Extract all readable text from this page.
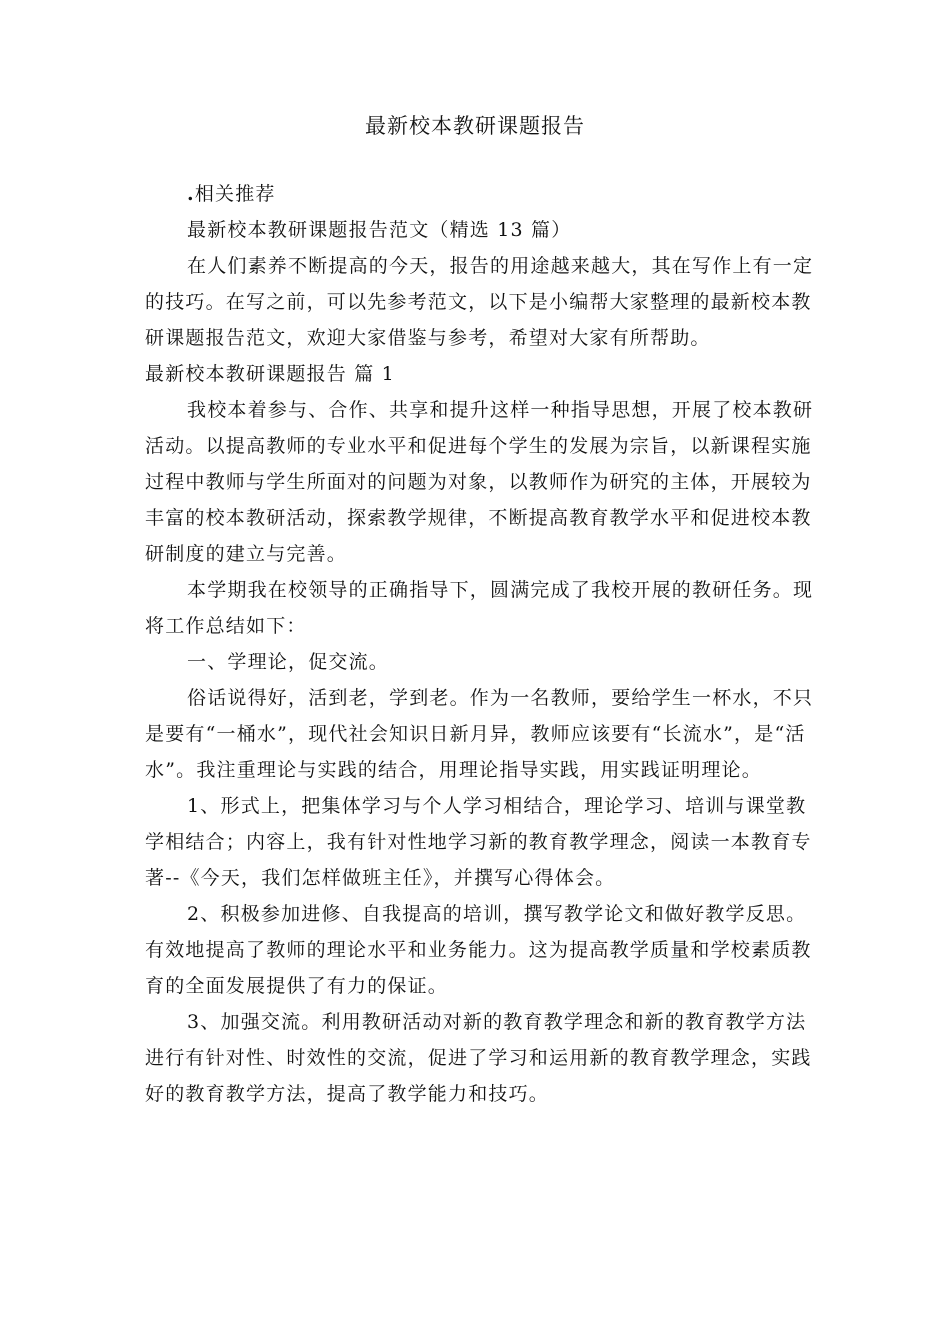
最新校本教研课题报告

.相关推荐

最新校本教研课题报告范文（精选 13 篇）

在人们素养不断提高的今天，报告的用途越来越大，其在写作上有一定的技巧。在写之前，可以先参考范文，以下是小编帮大家整理的最新校本教研课题报告范文，欢迎大家借鉴与参考，希望对大家有所帮助。

最新校本教研课题报告 篇 1

我校本着参与、合作、共享和提升这样一种指导思想，开展了校本教研活动。以提高教师的专业水平和促进每个学生的发展为宗旨，以新课程实施过程中教师与学生所面对的问题为对象，以教师作为研究的主体，开展较为丰富的校本教研活动，探索教学规律，不断提高教育教学水平和促进校本教研制度的建立与完善。

本学期我在校领导的正确指导下，圆满完成了我校开展的教研任务。现将工作总结如下：

一、学理论，促交流。

俗话说得好，活到老，学到老。作为一名教师，要给学生一杯水，不只是要有“一桶水”，现代社会知识日新月异，教师应该要有“长流水”，是“活水”。我注重理论与实践的结合，用理论指导实践，用实践证明理论。

1、形式上，把集体学习与个人学习相结合，理论学习、培训与课堂教学相结合；内容上，我有针对性地学习新的教育教学理念，阅读一本教育专著--《今天，我们怎样做班主任》，并撰写心得体会。

2、积极参加进修、自我提高的培训，撰写教学论文和做好教学反思。有效地提高了教师的理论水平和业务能力。这为提高教学质量和学校素质教育的全面发展提供了有力的保证。

3、加强交流。利用教研活动对新的教育教学理念和新的教育教学方法进行有针对性、时效性的交流，促进了学习和运用新的教育教学理念，实践好的教育教学方法，提高了教学能力和技巧。
